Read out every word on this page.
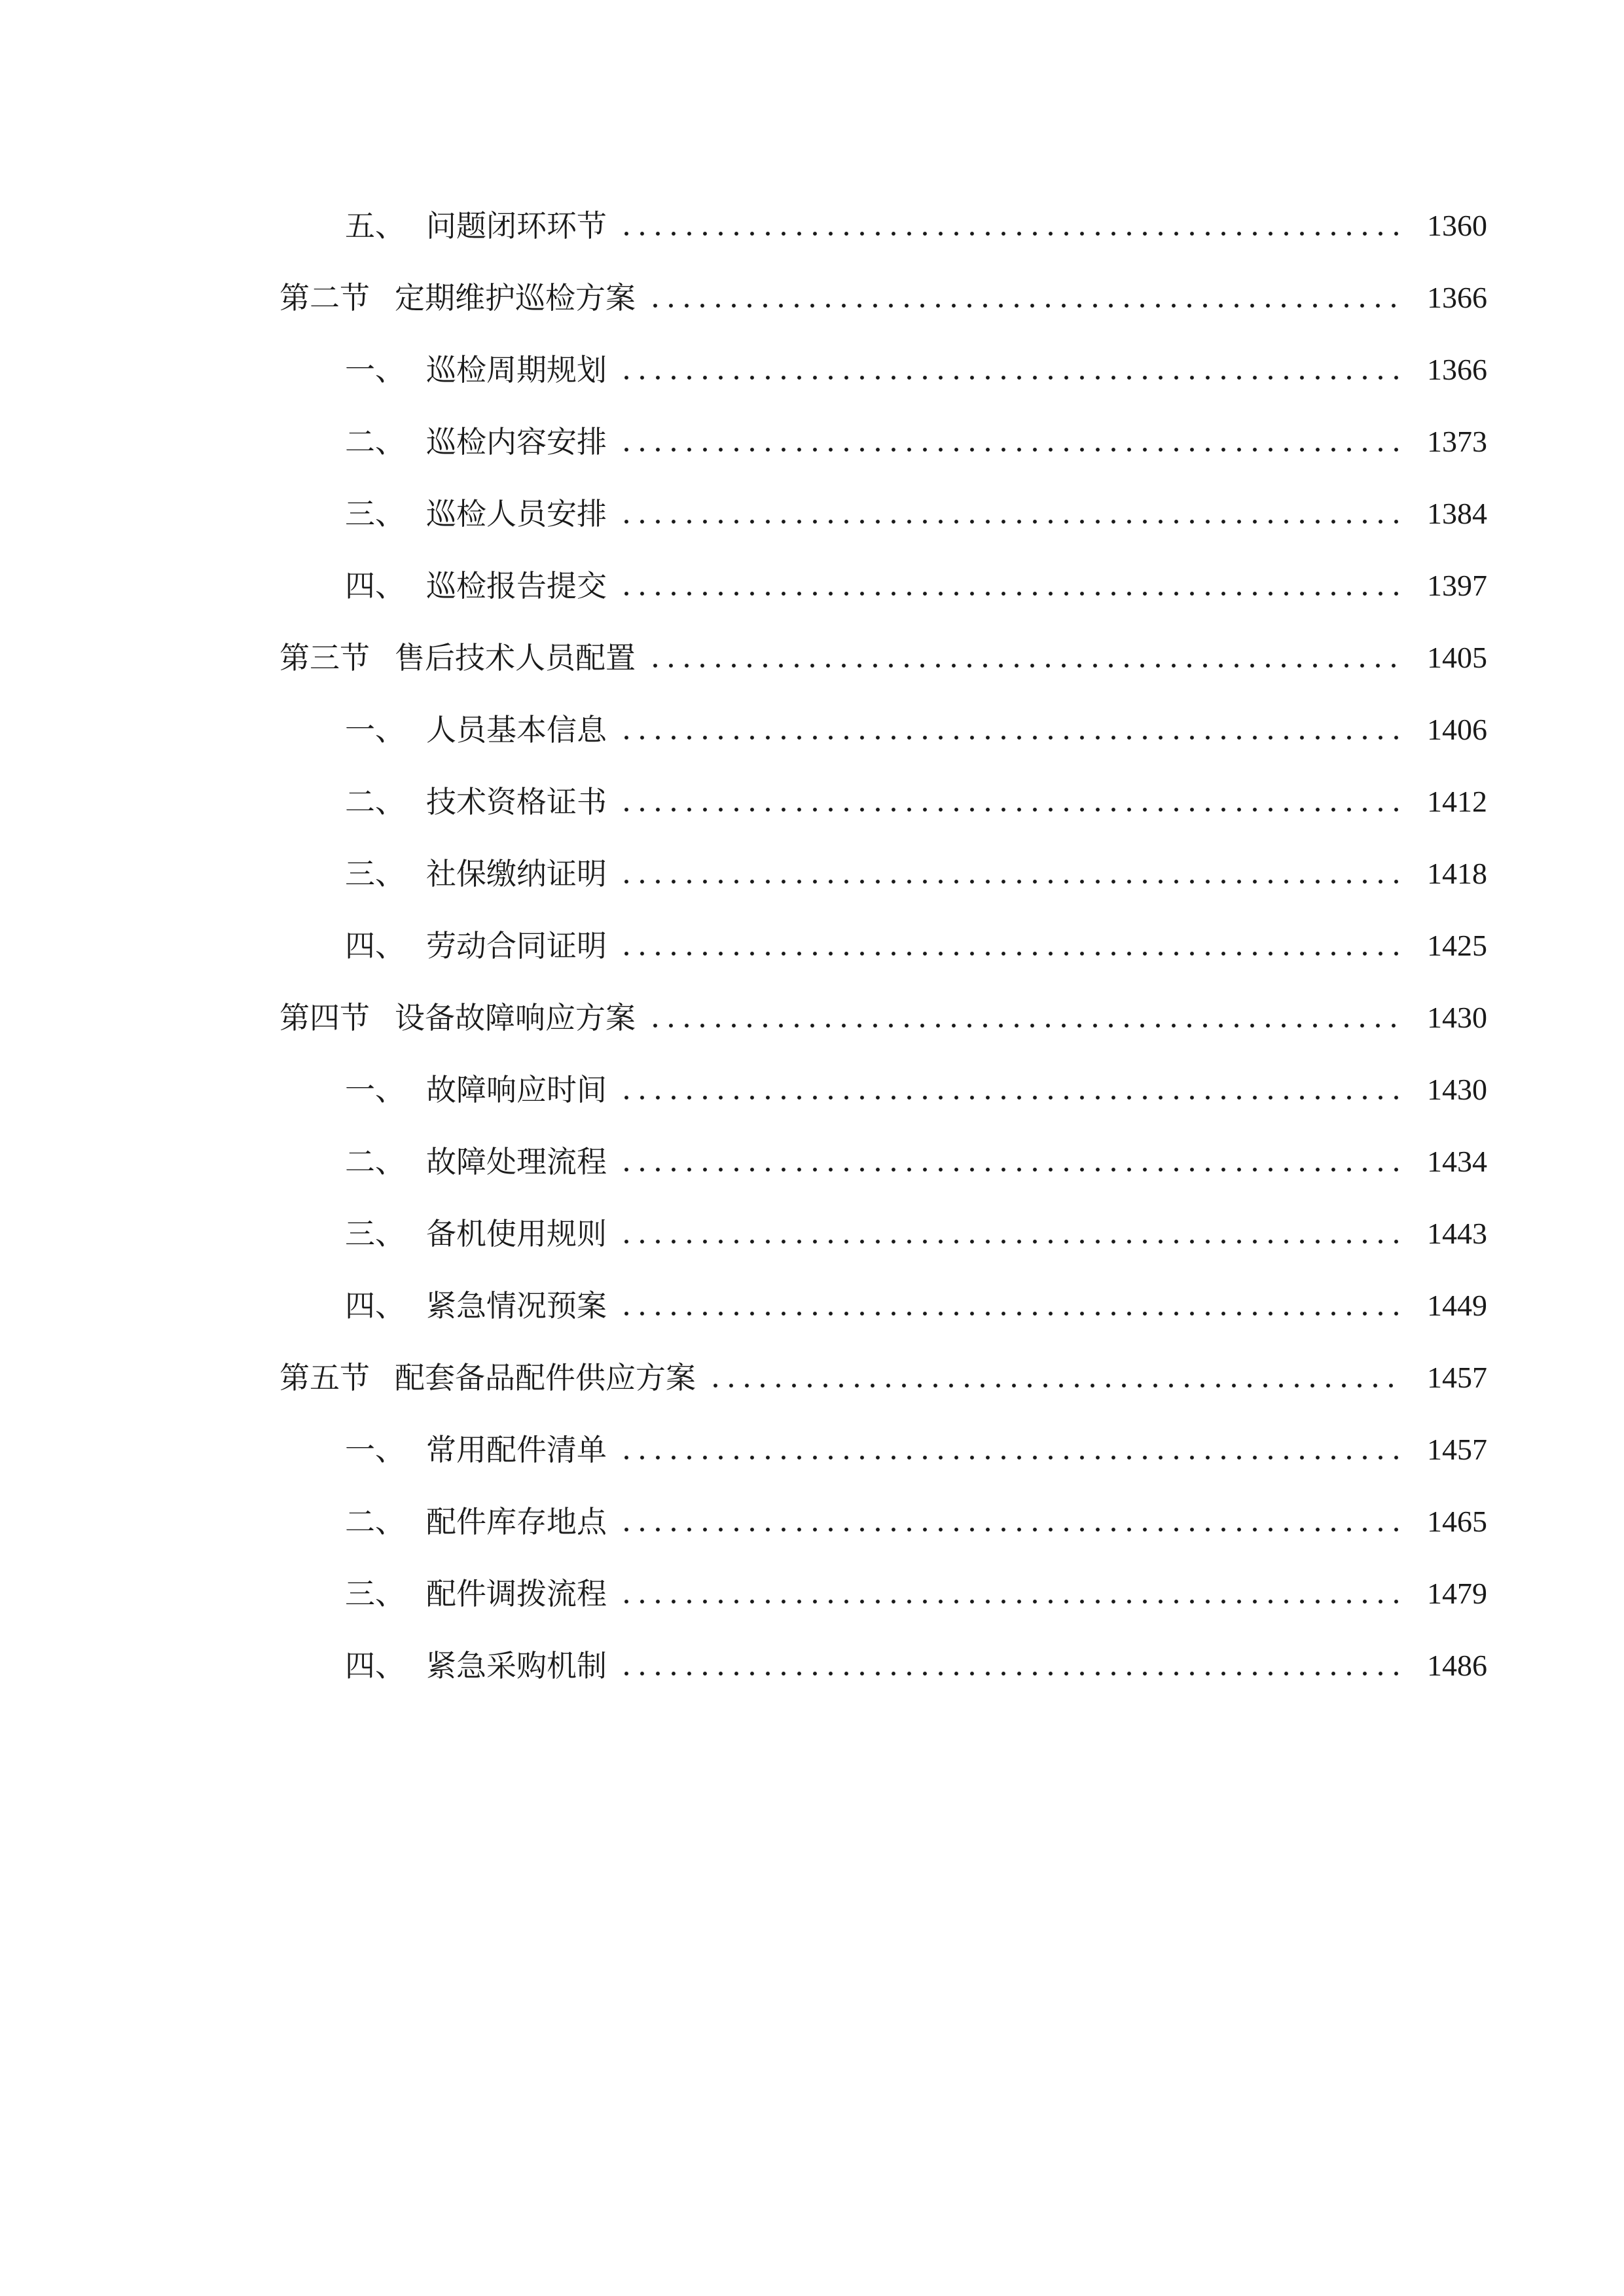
五、 问题闭环环节	1360
第二节 定期维护巡检方案	1366
一、 巡检周期规划	1366
二、 巡检内容安排	1373
三、 巡检人员安排	1384
四、 巡检报告提交	1397
第三节 售后技术人员配置	1405
一、 人员基本信息	1406
二、 技术资格证书	1412
三、 社保缴纳证明	1418
四、 劳动合同证明	1425
第四节 设备故障响应方案	1430
一、 故障响应时间	1430
二、 故障处理流程	1434
三、 备机使用规则	1443
四、 紧急情况预案	1449
第五节 配套备品配件供应方案	1457
一、 常用配件清单	1457
二、 配件库存地点	1465
三、 配件调拨流程	1479
四、 紧急采购机制	1486
